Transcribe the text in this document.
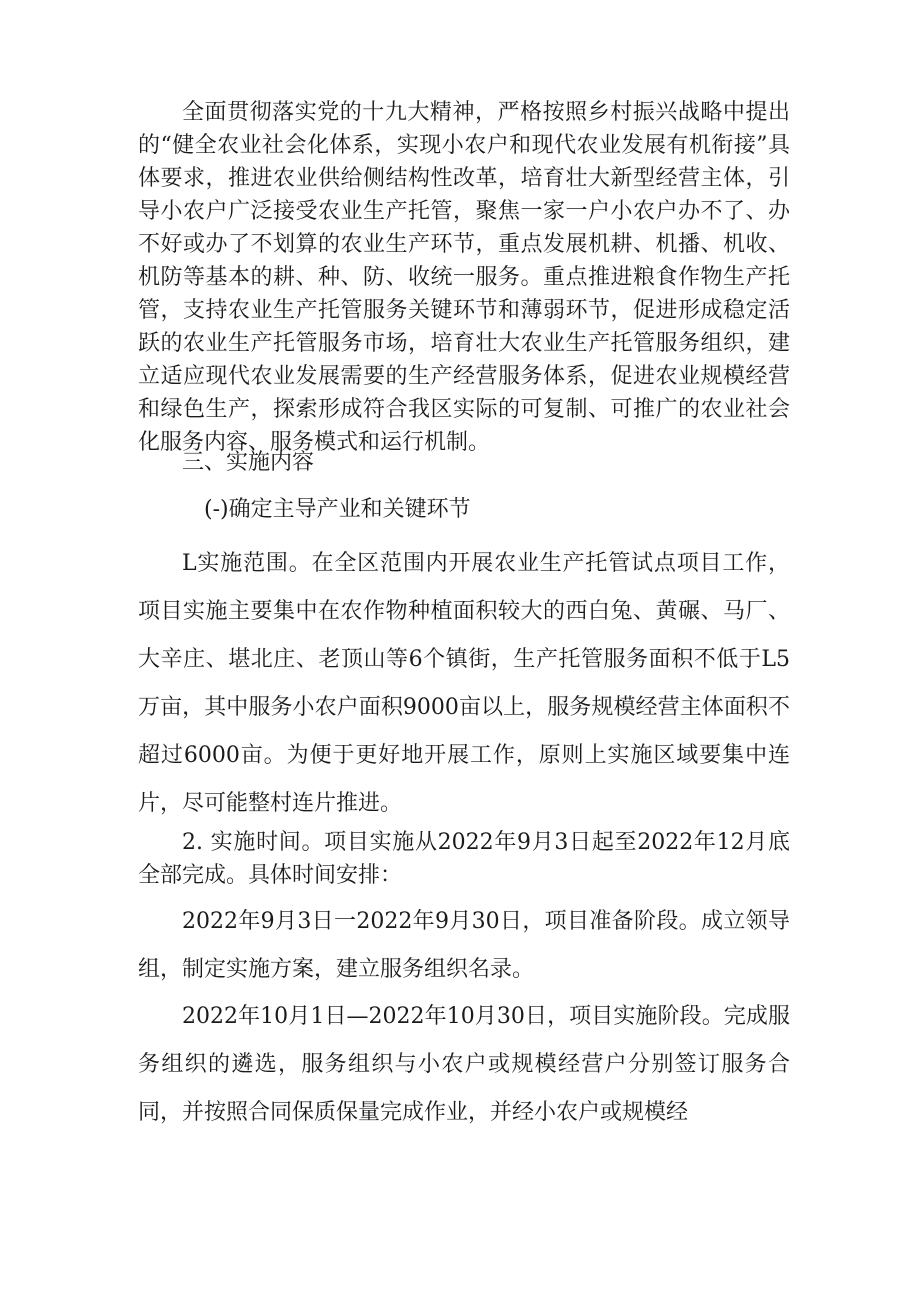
全面贯彻落实党的十九大精神，严格按照乡村振兴战略中提出的“健全农业社会化体系，实现小农户和现代农业发展有机衔接”具体要求，推进农业供给侧结构性改革，培育壮大新型经营主体，引导小农户广泛接受农业生产托管，聚焦一家一户小农户办不了、办不好或办了不划算的农业生产环节，重点发展机耕、机播、机收、机防等基本的耕、种、防、收统一服务。重点推进粮食作物生产托管，支持农业生产托管服务关键环节和薄弱环节，促进形成稳定活跃的农业生产托管服务市场，培育壮大农业生产托管服务组织，建立适应现代农业发展需要的生产经营服务体系，促进农业规模经营和绿色生产，探索形成符合我区实际的可复制、可推广的农业社会化服务内容、服务模式和运行机制。

三、实施内容

(-)确定主导产业和关键环节

L实施范围。在全区范围内开展农业生产托管试点项目工作，项目实施主要集中在农作物种植面积较大的西白兔、黄碾、马厂、大辛庄、堪北庄、老顶山等6个镇街，生产托管服务面积不低于L5万亩，其中服务小农户面积9000亩以上，服务规模经营主体面积不超过6000亩。为便于更好地开展工作，原则上实施区域要集中连片，尽可能整村连片推进。

2. 实施时间。项目实施从2022年9月3日起至2022年12月底全部完成。具体时间安排：

2022年9月3日一2022年9月30日，项目准备阶段。成立领导组，制定实施方案，建立服务组织名录。

2022年10月1日—2022年10月30日，项目实施阶段。完成服务组织的遴选，服务组织与小农户或规模经营户分别签订服务合同，并按照合同保质保量完成作业，并经小农户或规模经
